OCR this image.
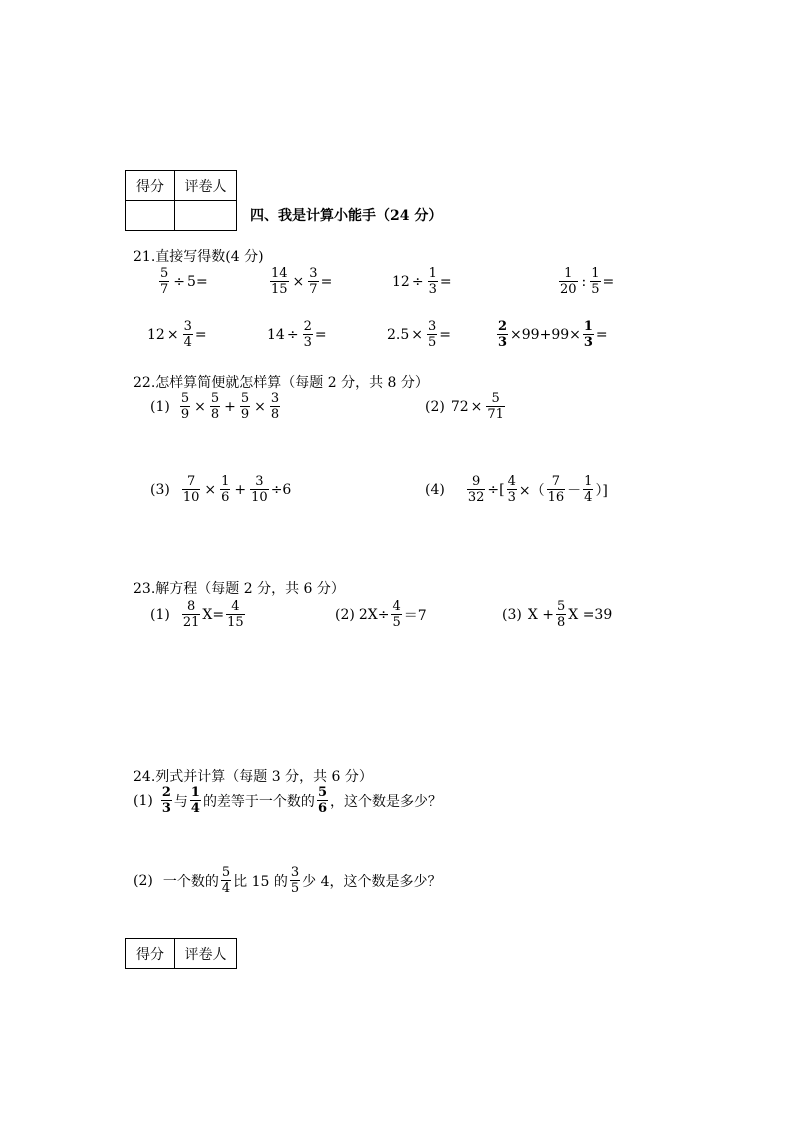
得分	评卷人

四、我是计算小能手（24 分）
21.直接写得数(4 分)
$\frac{5}{7} \div 5$ =	$\frac{14}{15} \times \frac{3}{7}$ =	$12 \div \frac{1}{3}$ =	$\frac{1}{20}$ : $\frac{1}{5}$ =
$12 \times \frac{3}{4}$ =	$14 \div \frac{2}{3}$ =	$2.5 \times \frac{3}{5}$ =	$\frac{2}{3} \times 99+99\times \frac{1}{3}$ =
22.怎样算简便就怎样算（每题 2 分，共 8 分）
$(1) \frac{5}{9} \times \frac{5}{8} + \frac{5}{9} \times \frac{3}{8}$	(2) $72 \times \frac{5}{71}$
$(3) \frac{7}{10} \times \frac{1}{6} + \frac{3}{10} \div 6$	$(4) \frac{9}{32}$ ÷[ $\frac{4}{3}$ ×（ $\frac{7}{16} - \frac{1}{4}$ ）]
23.解方程（每题 2 分，共 6 分）
$(1) \frac{8}{21} X= \frac{4}{15}$	(2) $2X\div \frac{4}{5} =7$	(3) $X + \frac{5}{8}$ X =39
24.列式并计算（每题 3 分，共 6 分）
$(1) \frac{2}{3}$ 与 $\frac{1}{4}$ 的差等于一个数的 $\frac{5}{6}$ ，这个数是多少？
(2) 一个数的 $\frac{5}{4}$ 比 15 的 $\frac{3}{5}$ 少 4，这个数是多少？
得分	评卷人
